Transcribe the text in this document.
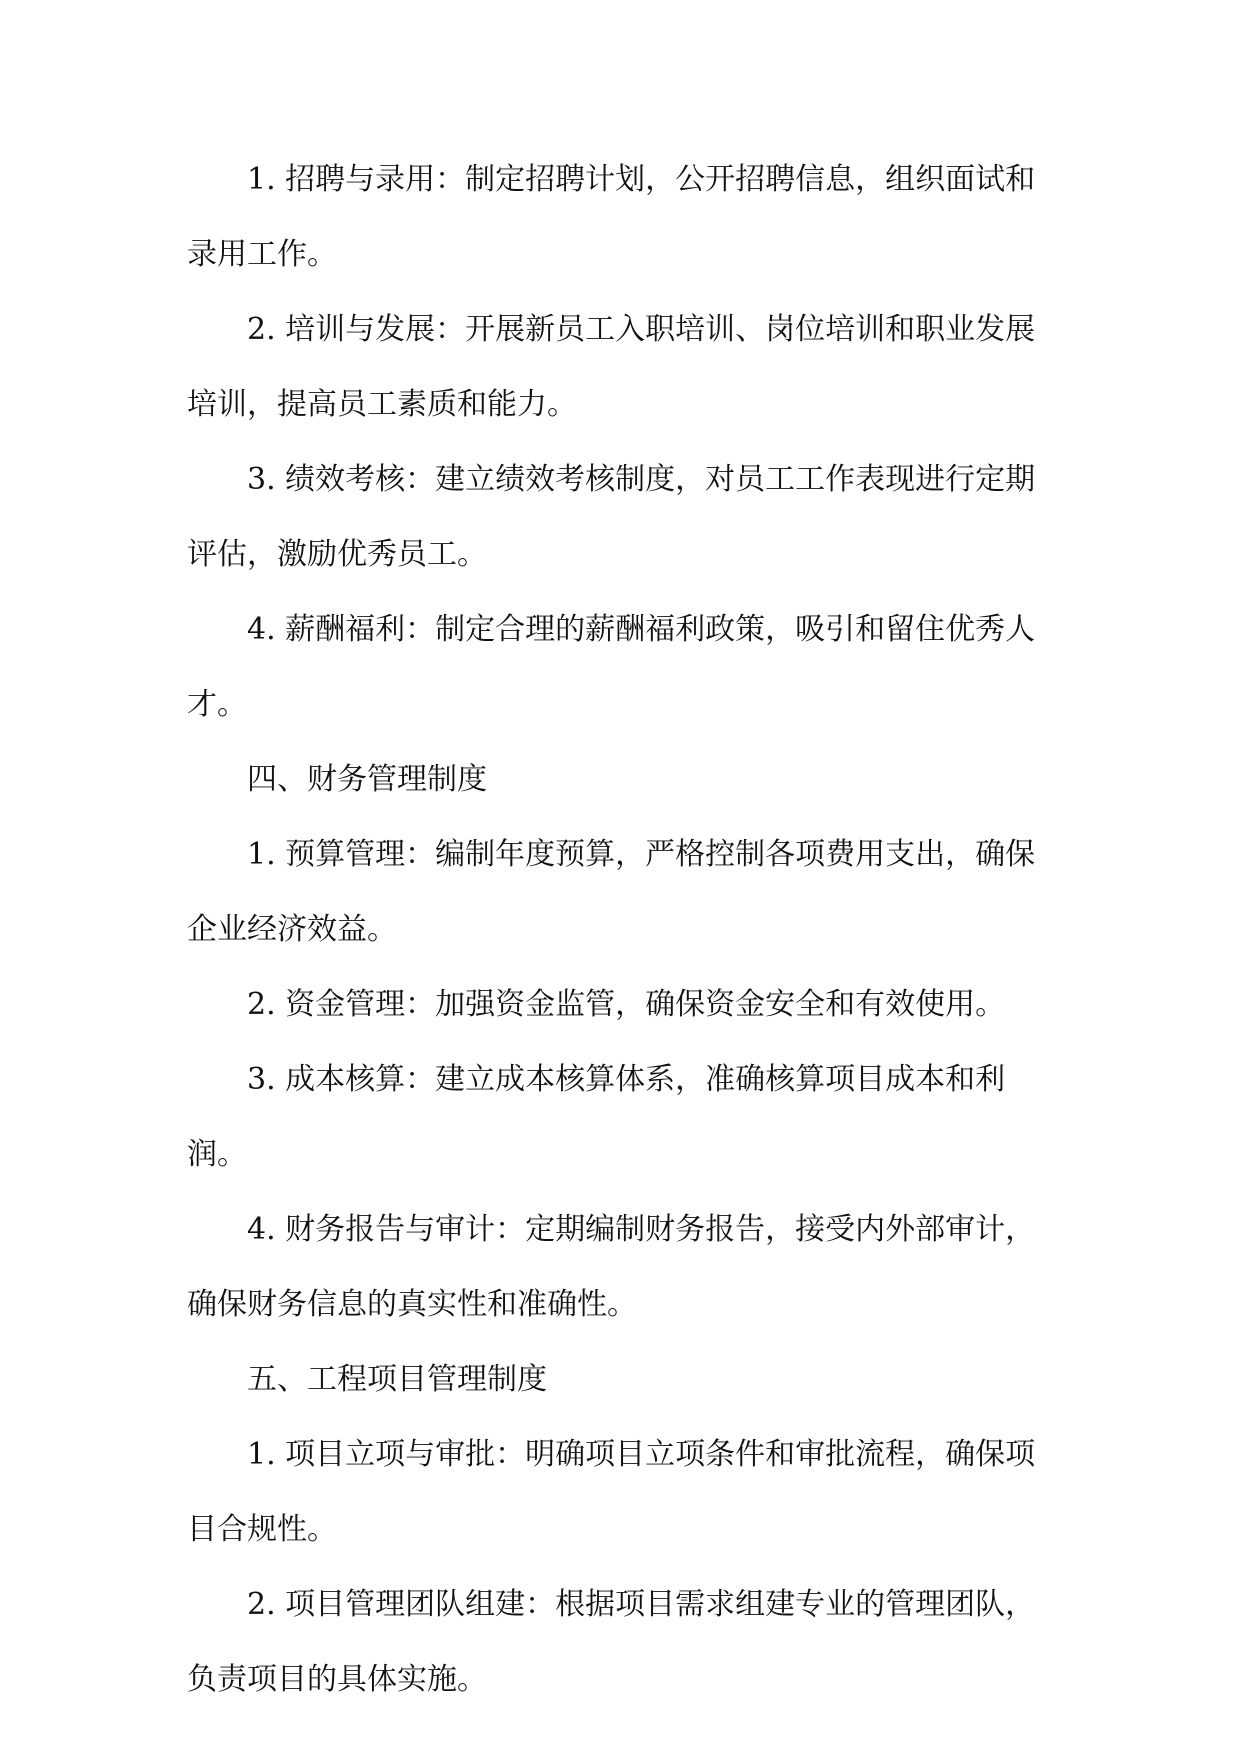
1. 招聘与录用：制定招聘计划，公开招聘信息，组织面试和录用工作。

2. 培训与发展：开展新员工入职培训、岗位培训和职业发展培训，提高员工素质和能力。

3. 绩效考核：建立绩效考核制度，对员工工作表现进行定期评估，激励优秀员工。

4. 薪酬福利：制定合理的薪酬福利政策，吸引和留住优秀人才。

四、财务管理制度

1. 预算管理：编制年度预算，严格控制各项费用支出，确保企业经济效益。

2. 资金管理：加强资金监管，确保资金安全和有效使用。

3. 成本核算：建立成本核算体系，准确核算项目成本和利润。

4. 财务报告与审计：定期编制财务报告，接受内外部审计，确保财务信息的真实性和准确性。

五、工程项目管理制度

1. 项目立项与审批：明确项目立项条件和审批流程，确保项目合规性。

2. 项目管理团队组建：根据项目需求组建专业的管理团队，负责项目的具体实施。
